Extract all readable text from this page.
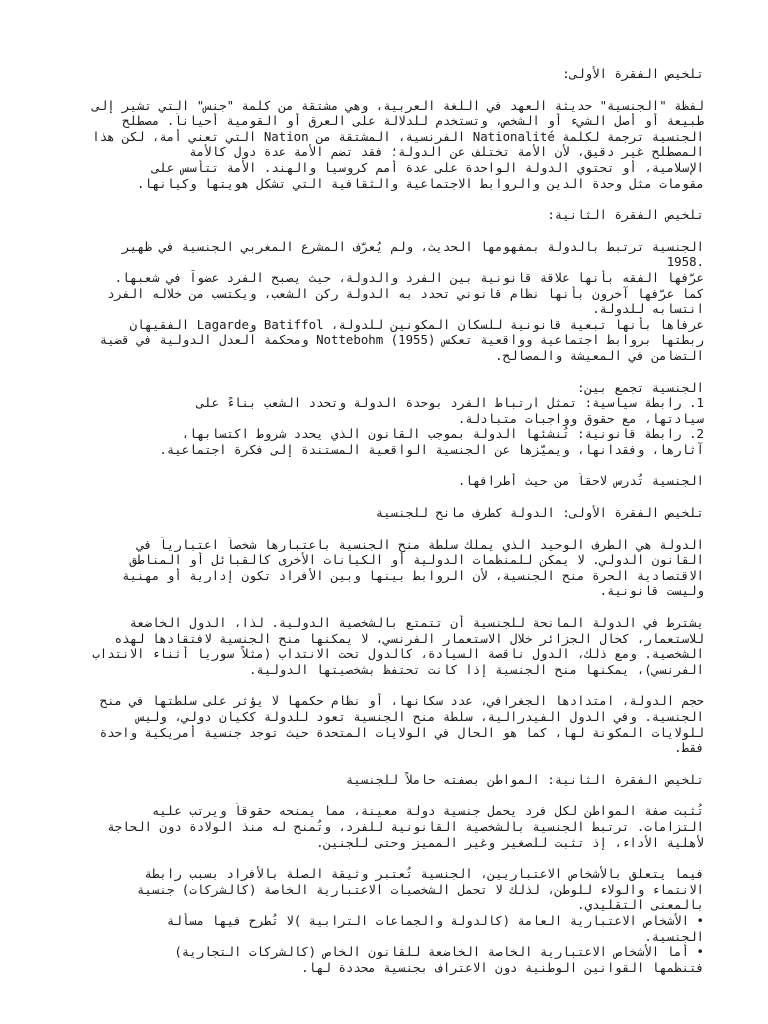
تلخيص الفقرة الأولى:
لفظة "الجنسية" حديثة العهد في اللغة العربية، وهي مشتقة من كلمة "جنس" التي تشير إلى
طبيعة أو أصل الشيء أو الشخص، وتستخدم للدلالة على العرق أو القومية أحياناً. مصطلح
الجنسية ترجمة لكلمة Nationalité الفرنسية، المشتقة من Nation التي تعني أمة، لكن هذا
المصطلح غير دقيق، لأن الأمة تختلف عن الدولة؛ فقد تضم الأمة عدة دول كالأمة
الإسلامية، أو تحتوي الدولة الواحدة على عدة أمم كروسيا والهند. الأمة تتأسس على
مقومات مثل وحدة الدين والروابط الاجتماعية والثقافية التي تشكل هويتها وكيانها.
تلخيص الفقرة الثانية:
الجنسية ترتبط بالدولة بمفهومها الحديث، ولم يُعرّف المشرع المغربي الجنسية في ظهير
1958.
عرّفها الفقه بأنها علاقة قانونية بين الفرد والدولة، حيث يصبح الفرد عضواً في شعبها.
كما عرّفها آخرون بأنها نظام قانوني تحدد به الدولة ركن الشعب، ويكتسب من خلاله الفرد
انتسابه للدولة.
عرفاها بأنها تبعية قانونية للسكان المكونين للدولة، Batiffol وLagarde الفقيهان
ربطتها بروابط اجتماعية وواقعية تعكس Nottebohm (1955) ومحكمة العدل الدولية في قضية
التضامن في المعيشة والمصالح.
الجنسية تجمع بين:
1. رابطة سياسية: تمثل ارتباط الفرد بوحدة الدولة وتحدد الشعب بناءً على
سيادتها، مع حقوق وواجبات متبادلة.
2. رابطة قانونية: تُنشئها الدولة بموجب القانون الذي يحدد شروط اكتسابها،
آثارها، وفقدانها، ويميّزها عن الجنسية الواقعية المستندة إلى فكرة اجتماعية.
الجنسية تُدرس لاحقاً من حيث أطرافها.
تلخيص الفقرة الأولى: الدولة كطرف مانح للجنسية
الدولة هي الطرف الوحيد الذي يملك سلطة منح الجنسية باعتبارها شخصاً اعتبارياً في
القانون الدولي. لا يمكن للمنظمات الدولية أو الكيانات الأخرى كالقبائل أو المناطق
الاقتصادية الحرة منح الجنسية، لأن الروابط بينها وبين الأفراد تكون إدارية أو مهنية
وليست قانونية.
يشترط في الدولة المانحة للجنسية أن تتمتع بالشخصية الدولية. لذا، الدول الخاضعة
للاستعمار، كحال الجزائر خلال الاستعمار الفرنسي، لا يمكنها منح الجنسية لافتقادها لهذه
الشخصية. ومع ذلك، الدول ناقصة السيادة، كالدول تحت الانتداب (مثلاً سوريا أثناء الانتداب
الفرنسي)، يمكنها منح الجنسية إذا كانت تحتفظ بشخصيتها الدولية.
حجم الدولة، امتدادها الجغرافي، عدد سكانها، أو نظام حكمها لا يؤثر على سلطتها في منح
الجنسية. وفي الدول الفيدرالية، سلطة منح الجنسية تعود للدولة ككيان دولي، وليس
للولايات المكونة لها، كما هو الحال في الولايات المتحدة حيث توجد جنسية أمريكية واحدة
فقط.
تلخيص الفقرة الثانية: المواطن بصفته حاملاً للجنسية
تُثبت صفة المواطن لكل فرد يحمل جنسية دولة معينة، مما يمنحه حقوقاً ويرتب عليه
التزامات. ترتبط الجنسية بالشخصية القانونية للفرد، وتُمنح له منذ الولادة دون الحاجة
لأهلية الأداء، إذ تثبت للصغير وغير المميز وحتى للجنين.
فيما يتعلق بالأشخاص الاعتباريين، الجنسية تُعتبر وثيقة الصلة بالأفراد بسبب رابطة
الانتماء والولاء للوطن، لذلك لا تحمل الشخصيات الاعتبارية الخاصة (كالشركات) جنسية
بالمعنى التقليدي.
• الأشخاص الاعتبارية العامة (كالدولة والجماعات الترابية )لا تُطرح فيها مسألة
الجنسية.
• أما الأشخاص الاعتبارية الخاصة الخاضعة للقانون الخاص (كالشركات التجارية)
فتنظمها القوانين الوطنية دون الاعتراف بجنسية محددة لها.
